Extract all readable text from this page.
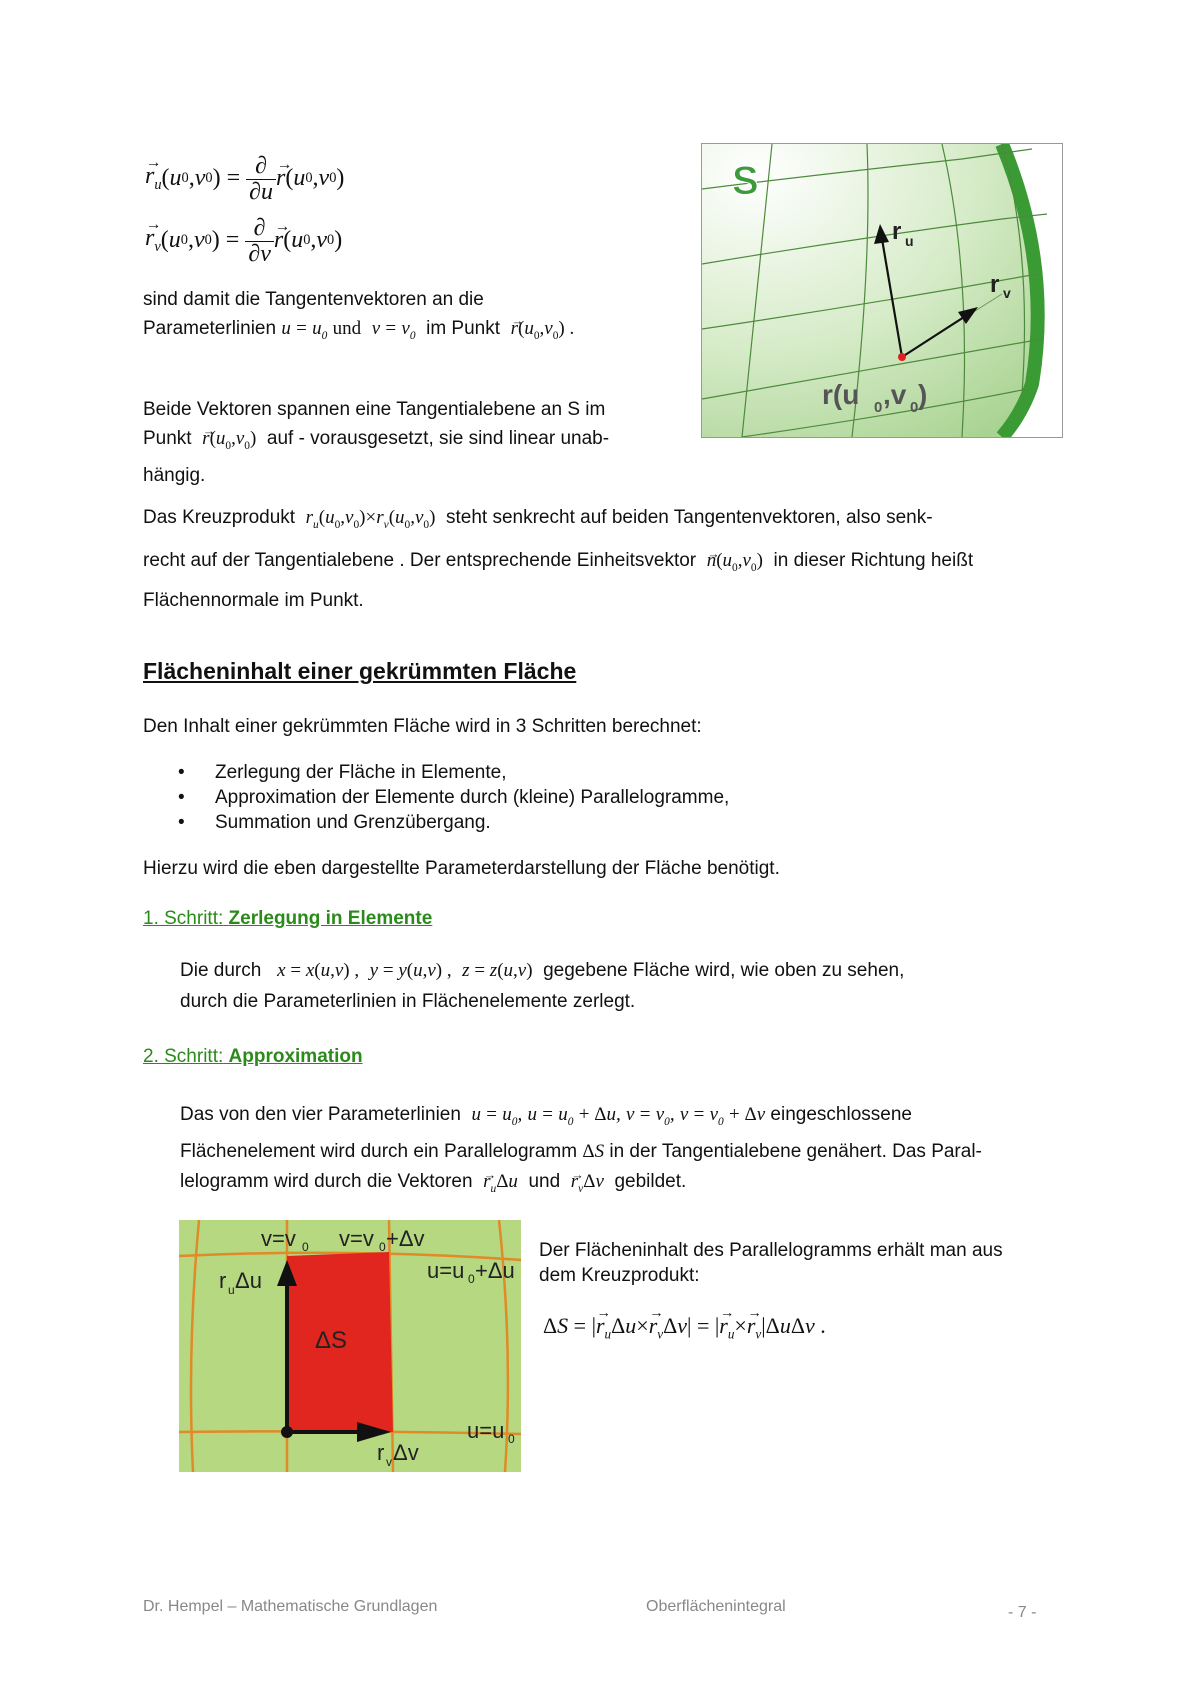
→ $r_u$ ( u 0 , v 0 ) = $\frac{\partial}{\partial u}$
→ r ( u 0 , v 0 )
→ $r_v$ ( u 0 , v 0 ) = $\frac{\partial}{\partial v}$
→ r ( u 0 , v 0 )

sind damit die Tangentenvektoren an die

Parameterlinien $u = u_0$ und $v = v_0$ im Punkt  → $r(u_0,v_0)$ .

Beide Vektoren spannen eine Tangentialebene an S im

Punkt  → $r(u_0,v_0)$ auf - vorausgesetzt, sie sind linear unab-

hängig.

S
r u
r v
r(u 0 ,v 0 )

Das Kreuzprodukt $r_u(u_0,v_0)\times r_v(u_0,v_0)$ steht senkrecht auf beiden Tangentenvektoren, also senk-

recht auf der Tangentialebene . Der entsprechende Einheitsvektor  → $n(u_0,v_0)$ in dieser Richtung heißt

Flächennormale im Punkt.

Flächeninhalt einer gekrümmten Fläche

Den Inhalt einer gekrümmten Fläche wird in 3 Schritten berechnet:

• Zerlegung der Fläche in Elemente,
• Approximation der Elemente durch (kleine) Parallelogramme,
• Summation und Grenzübergang.

Hierzu wird die eben dargestellte Parameterdarstellung der Fläche benötigt.

1. Schritt: Zerlegung in Elemente

Die durch x = x(u,v) , y = y(u,v) , z = z(u,v) gegebene Fläche wird, wie oben zu sehen,

durch die Parameterlinien in Flächenelemente zerlegt.

2. Schritt: Approximation

Das von den vier Parameterlinien $u = u_0$, $u = u_0 + \Delta u$, $v = v_0$, $v = v_0 + \Delta v$ eingeschlossene

Flächenelement wird durch ein Parallelogramm ΔS in der Tangentialebene genähert. Das Paral-

lelogramm wird durch die Vektoren  → $r_u\Delta u$ und  → $r_v\Delta v$ gebildet.

v=v 0 v=v 0 +Δv
u=u 0 +Δu
u=u 0
r u Δu
ΔS
r v Δv

Der Flächeninhalt des Parallelogramms erhält man aus

dem Kreuzprodukt:

ΔS = |→ $r_u\Delta u\times\to r_v\Delta v|$ = |→ $r_u\times\to r_v|\Delta u\Delta v$ .
Dr. Hempel – Mathematische Grundlagen	Oberflächenintegral	- 7 -
